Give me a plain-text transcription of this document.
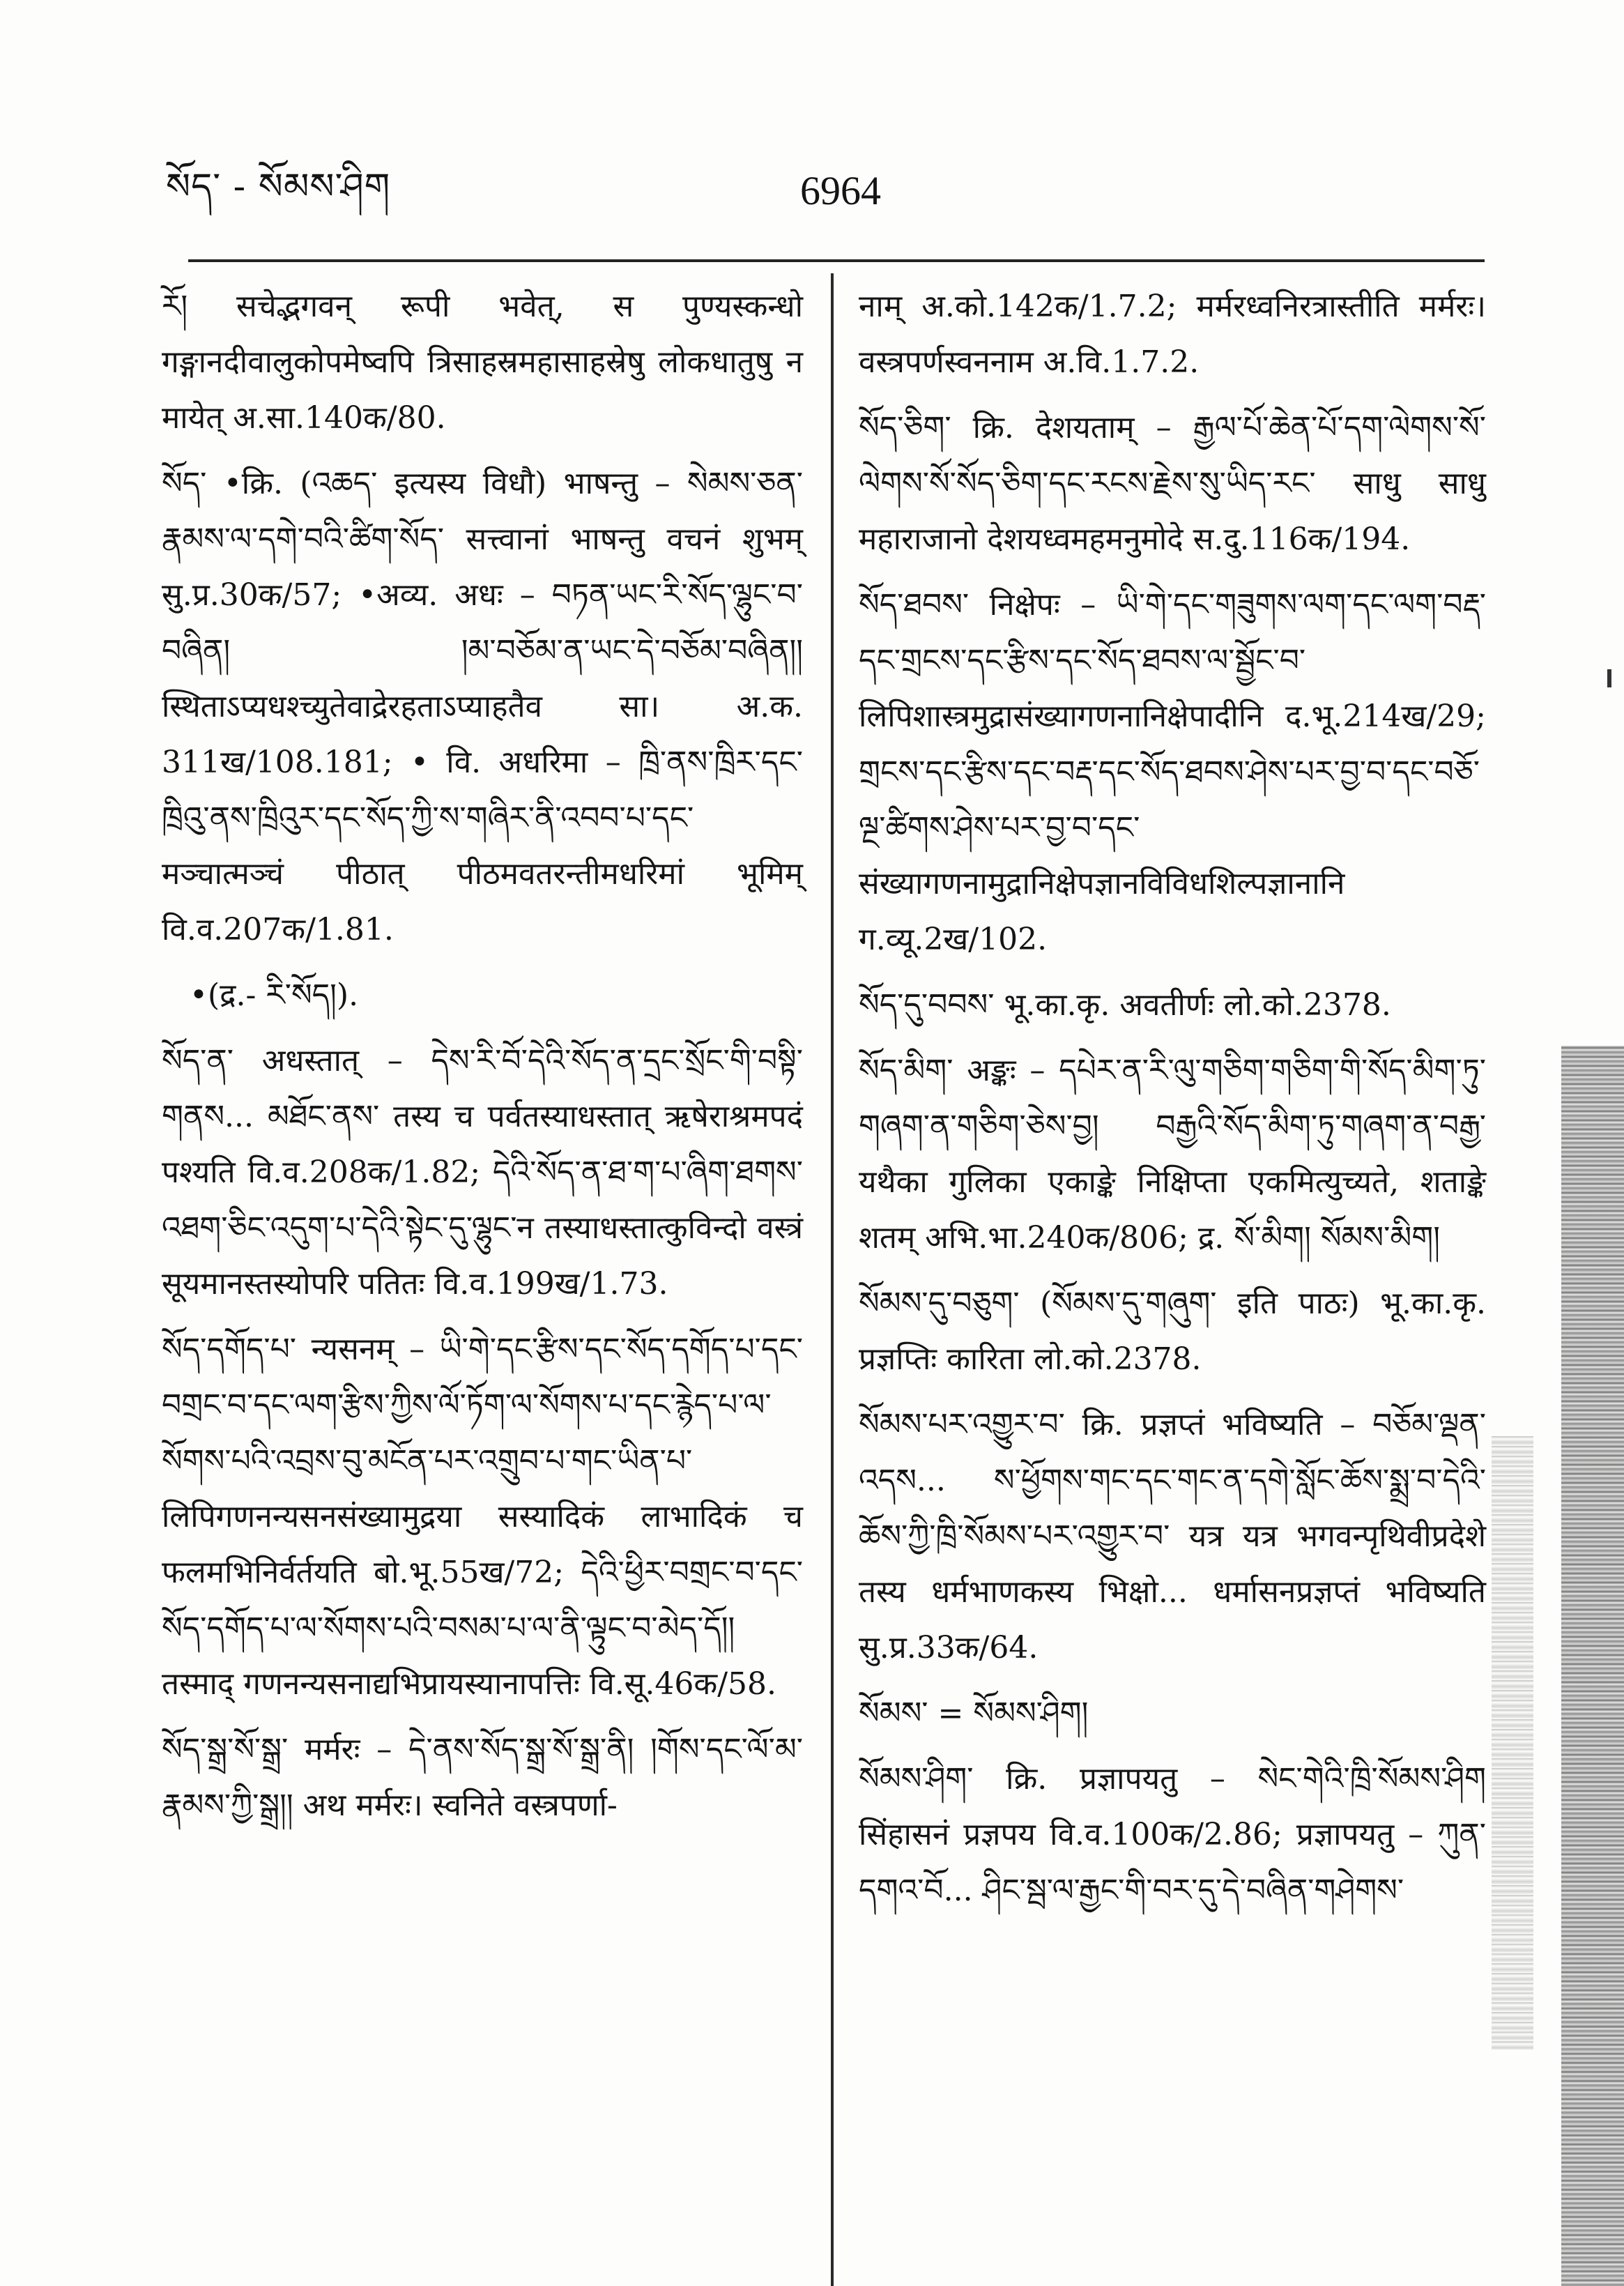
སོད་ - སོམས་ཤིག	6964

རོ། सचेद्भगवन् रूपी भवेत्, स पुण्यस्कन्धो गङ्गानदीवालुकोपमेष्वपि त्रिसाहस्रमहासाहस्रेषु लोकधातुषु न मायेत् अ.सा.140क/80.

སོད་ •क्रि. (འཆད་ इत्यस्य विधौ) भाषन्तु – སེམས་ཅན་རྣམས་ལ་དགེ་བའི་ཚིག་སོད་ सत्त्वानां भाषन्तु वचनं शुभम् सु.प्र.30क/57; •अव्य. अधः – བཏན་ཡང་རི་སོད་ལྷུང་བ་བཞིན། །མ་བཅོམ་ན་ཡང་དེ་བཅོམ་བཞིན།། स्थिताऽप्यधश्च्युतेवाद्रेरहताऽप्याहतैव सा। अ.क. 311ख/108.181; • वि. अधरिमा – ཁྲི་ནས་ཁྲིར་དང་ཁྲིའུ་ནས་ཁྲིའུར་དང་སོད་ཀྱི་ས་གཞིར་ནི་འབབ་པ་དང་ मञ्चात्मञ्चं पीठात् पीठमवतरन्तीमधरिमां भूमिम् वि.व.207क/1.81.

•(द्र.- རི་སོད།).

སོད་ན་ अधस्तात् – དེས་རི་བོ་དེའི་སོད་ན་དྲང་སྲོང་གི་བསྟི་གནས... མཐོང་ནས་ तस्य च पर्वतस्याधस्तात् ऋषेराश्रमपदं पश्यति वि.व.208क/1.82; དེའི་སོད་ན་ཐ་ག་པ་ཞིག་ཐགས་འཐག་ཅིང་འདུག་པ་དེའི་སྟེང་དུ་ལྷུང་न तस्याधस्तात्कुविन्दो वस्त्रं सूयमानस्तस्योपरि पतितः वि.व.199ख/1.73.

སོད་དགོད་པ་ न्यसनम् – ཡི་གེ་དང་རྩིས་དང་སོད་དགོད་པ་དང་བགྲང་བ་དང་ལག་རྩིས་ཀྱིས་ལོ་ཏོག་ལ་སོགས་པ་དང་རྙེད་པ་ལ་སོགས་པའི་འབྲས་བུ་མངོན་པར་འགྲུབ་པ་གང་ཡིན་པ་ लिपिगणनन्यसनसंख्यामुद्रया सस्यादिकं लाभादिकं च फलमभिनिर्वर्तयति बो.भू.55ख/72; དེའི་ཕྱིར་བགྲང་བ་དང་སོད་དགོད་པ་ལ་སོགས་པའི་བསམ་པ་ལ་ནི་ལྟུང་བ་མེད་དོ།། तस्माद् गणनन्यसनाद्यभिप्रायस्यानापत्तिः वि.सू.46क/58.

སོད་སྒྲ་སོ་སྒྲ་ मर्मरः – དེ་ནས་སོད་སྒྲ་སོ་སྒྲ་ནི། །གོས་དང་ལོ་མ་རྣམས་ཀྱི་སྒྲ།། अथ मर्मरः। स्वनिते वस्त्रपर्णा-

नाम् अ.को.142क/1.7.2; मर्मरध्वनिरत्रास्तीति मर्मरः। वस्त्रपर्णस्वननाम अ.वि.1.7.2.

སོད་ཅིག་ क्रि. देशयताम् – རྒྱལ་པོ་ཆེན་པོ་དག་ལེགས་སོ་ལེགས་སོ་སོད་ཅིག་དང་རངས་རྗེས་སུ་ཡིད་རང་ साधु साधु महाराजानो देशयध्वमहमनुमोदे स.दु.116क/194.

སོད་ཐབས་ निक्षेपः – ཡི་གེ་དང་གཟུགས་ལག་དང་ལག་བརྡ་དང་གྲངས་དང་རྩིས་དང་སོད་ཐབས་ལ་སྦྱོང་བ་ लिपिशास्त्रमुद्रासंख्यागणनानिक्षेपादीनि द.भू.214ख/29; གྲངས་དང་རྩིས་དང་བརྡ་དང་སོད་ཐབས་ཤེས་པར་བྱ་བ་དང་བཅོ་ལྔ་ཚིགས་ཤེས་པར་བྱ་བ་དང་ संख्यागणनामुद्रानिक्षेपज्ञानविविधशिल्पज्ञानानि ग.व्यू.2ख/102.

སོད་དུ་བབས་ भू.का.कृ. अवतीर्णः लो.को.2378.

སོད་མིག་ अङ्कः – དཔེར་ན་རི་ལུ་གཅིག་གཅིག་གི་སོད་མིག་ཏུ་གཞག་ན་གཅིག་ཅེས་བྱ། བརྒྱའི་སོད་མིག་ཏུ་གཞག་ན་བརྒྱ་ यथैका गुलिका एकाङ्के निक्षिप्ता एकमित्युच्यते, शताङ्के शतम् अभि.भा.240क/806; द्र. སོ་མིག། སོམས་མིག།

སོམས་དུ་བཅུག་ (སོམས་དུ་གཞུག་ इति पाठः) भू.का.कृ. प्रज्ञप्तिः कारिता लो.को.2378.

སོམས་པར་འགྱུར་བ་ क्रि. प्रज्ञप्तं भविष्यति – བཅོམ་ལྡན་འདས... ས་ཕྱོགས་གང་དང་གང་ན་དགེ་སློང་ཆོས་སྨྲ་བ་དེའི་ཆོས་ཀྱི་ཁྲི་སོམས་པར་འགྱུར་བ་ यत्र यत्र भगवन्पृथिवीप्रदेशे तस्य धर्मभाणकस्य भिक्षो... धर्मासनप्रज्ञप्तं भविष्यति सु.प्र.33क/64.

སོམས་ = སོམས་ཤིག།

སོམས་ཤིག་ क्रि. प्रज्ञापयतु – སེང་གེའི་ཁྲི་སོམས་ཤིག सिंहासनं प्रज्ञपय वि.व.100क/2.86; प्रज्ञापयतु – ཀུན་དགའ་བོ... ཤིང་སྦ་ལ་རྒྱང་གི་བར་དུ་དེ་བཞིན་གཤེགས་
